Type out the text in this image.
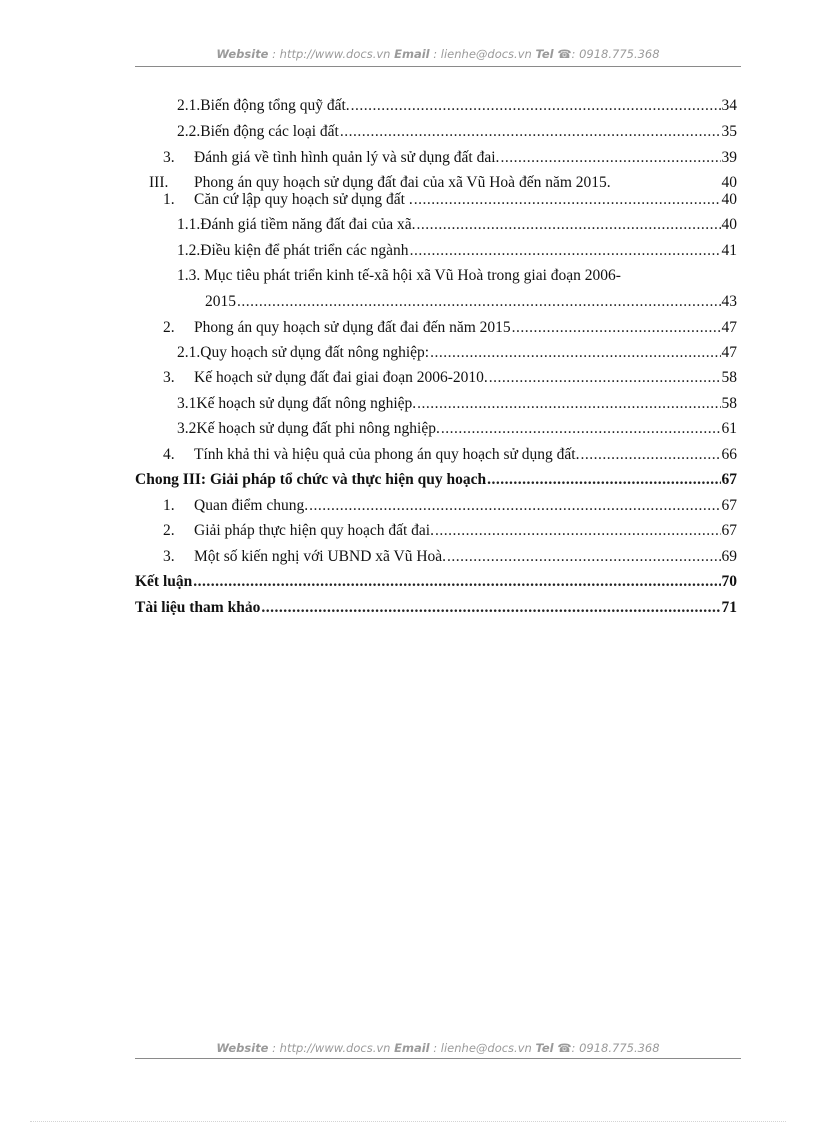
Website : http://www.docs.vn Email : lienhe@docs.vn Tel ☎: 0918.775.368
2.1. Biến động tổng quỹ đất. .....	34
2.2. Biến động các loại đất .....	35
3.	Đánh giá về tình hình quản lý và sử dụng đất đai. .....	39
III.	Phong án quy hoạch sử dụng đất đai của xã Vũ Hoà đến năm 2015.	40
1.	Căn cứ lập quy hoạch sử dụng đất . .....	40
1.1. Đánh giá tiềm năng đất đai của xã. .....	40
1.2. Điều kiện để phát triển các ngành .....	41
1.3. Mục tiêu phát triển kinh tế-xã hội xã Vũ Hoà trong giai đoạn 2006-
2015 .....	43
2.	Phong án quy hoạch sử dụng đất đai đến năm 2015 .....	47
2.1. Quy hoạch sử dụng đất nông nghiệp: .....	47
3.	Kế hoạch sử dụng đất đai giai đoạn 2006-2010. .....	58
3.1 Kế hoạch sử dụng đất nông nghiệp. .....	58
3.2 Kế hoạch sử dụng đất phi nông nghiệp. .....	61
4.	Tính khả thi và hiệu quả của phong án quy hoạch sử dụng đất. .....	66
Chong III: Giải pháp tổ chức và thực hiện quy hoạch .....	67
1.	Quan điểm chung. .....	67
2.	Giải pháp thực hiện quy hoạch đất đai. .....	67
3.	Một số kiến nghị với UBND xã Vũ Hoà. .....	69
Kết luận .....	70
Tài liệu tham khảo .....	71
Website : http://www.docs.vn Email : lienhe@docs.vn Tel ☎: 0918.775.368
